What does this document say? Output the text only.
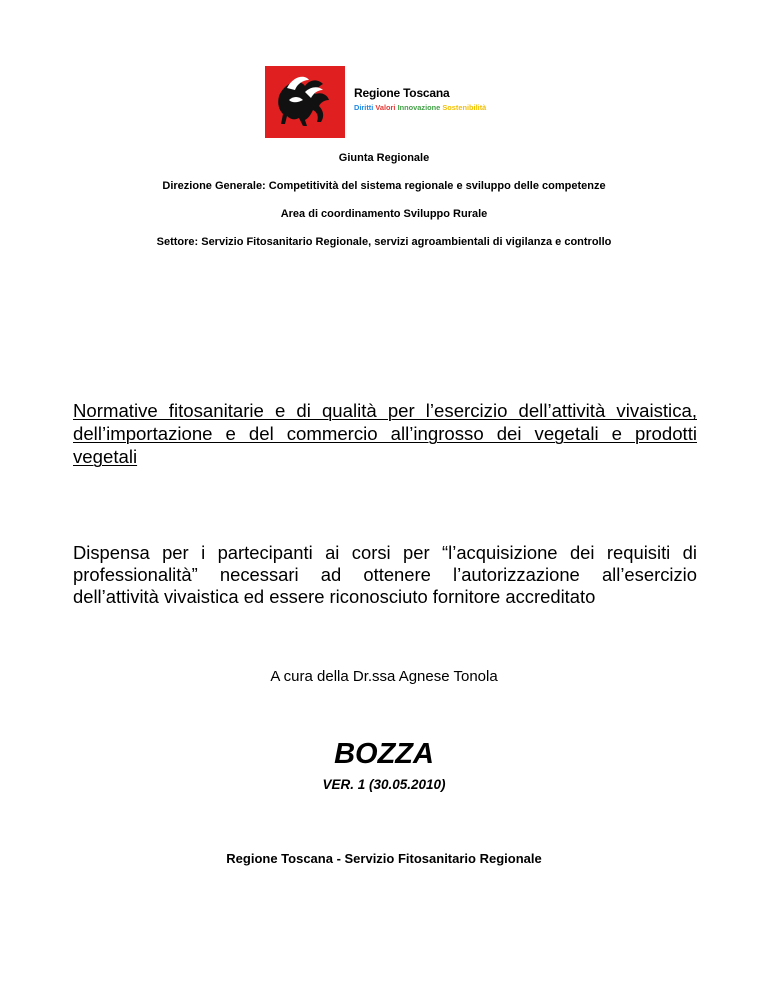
Regione Toscana
Diritti Valori Innovazione Sostenibilità
Giunta Regionale
Direzione Generale: Competitività del sistema regionale e sviluppo delle competenze
Area di coordinamento Sviluppo Rurale
Settore: Servizio Fitosanitario Regionale, servizi agroambientali di vigilanza e controllo
Normative fitosanitarie e di qualità per l’esercizio dell’attività vivaistica, dell’importazione e del commercio all’ingrosso dei vegetali e prodotti vegetali
Dispensa per i partecipanti ai corsi per “l’acquisizione dei requisiti di professionalità” necessari ad ottenere l’autorizzazione all’esercizio dell’attività vivaistica ed essere riconosciuto fornitore accreditato
A cura della Dr.ssa Agnese Tonola
BOZZA
VER. 1 (30.05.2010)
Regione Toscana - Servizio Fitosanitario Regionale
